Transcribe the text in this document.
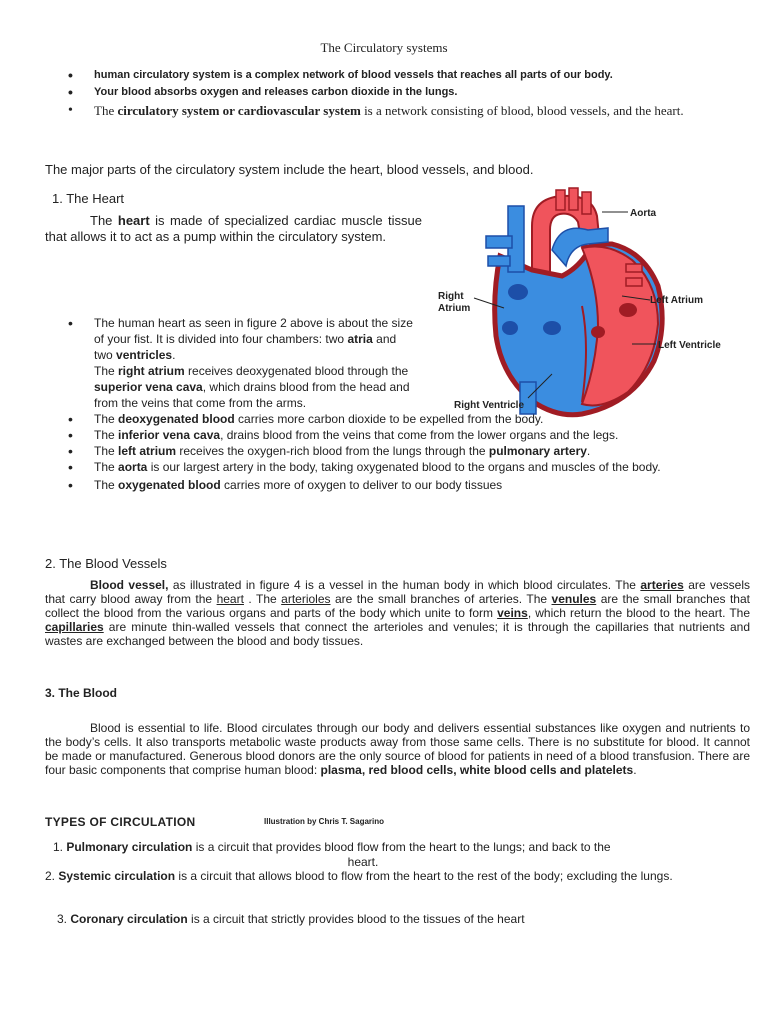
The Circulatory systems
• human circulatory system is a complex network of blood vessels that reaches all parts of our body.
• Your blood absorbs oxygen and releases carbon dioxide in the lungs.
• The circulatory system or cardiovascular system is a network consisting of blood, blood vessels, and the heart.
The major parts of the circulatory system include the heart, blood vessels, and blood.
1. The Heart
The heart is made of specialized cardiac muscle tissue that allows it to act as a pump within the circulatory system.
Aorta
Right
Atrium
Left Atrium
Left Ventricle
Right Ventricle
• The human heart as seen in figure 2 above is about the size of your fist. It is divided into four chambers: two atria and two ventricles.
The right atrium receives deoxygenated blood through the superior vena cava, which drains blood from the head and from the veins that come from the arms.
• The deoxygenated blood carries more carbon dioxide to be expelled from the body.
• The inferior vena cava, drains blood from the veins that come from the lower organs and the legs.
• The left atrium receives the oxygen-rich blood from the lungs through the pulmonary artery.
• The aorta is our largest artery in the body, taking oxygenated blood to the organs and muscles of the body.
• The oxygenated blood carries more of oxygen to deliver to our body tissues
2. The Blood Vessels
Blood vessel, as illustrated in figure 4 is a vessel in the human body in which blood circulates. The arteries are vessels that carry blood away from the heart . The arterioles are the small branches of arteries. The venules are the small branches that collect the blood from the various organs and parts of the body which unite to form veins, which return the blood to the heart. The capillaries are minute thin-walled vessels that connect the arterioles and venules; it is through the capillaries that nutrients and wastes are exchanged between the blood and body tissues.
3. The Blood
Blood is essential to life. Blood circulates through our body and delivers essential substances like oxygen and nutrients to the body’s cells. It also transports metabolic waste products away from those same cells. There is no substitute for blood. It cannot be made or manufactured. Generous blood donors are the only source of blood for patients in need of a blood transfusion. There are four basic components that comprise human blood: plasma, red blood cells, white blood cells and platelets.
TYPES OF CIRCULATION	Illustration by Chris T. Sagarino
1. Pulmonary circulation is a circuit that provides blood flow from the heart to the lungs; and back to the
heart.
2. Systemic circulation is a circuit that allows blood to flow from the heart to the rest of the body; excluding the lungs.
3. Coronary circulation is a circuit that strictly provides blood to the tissues of the heart
